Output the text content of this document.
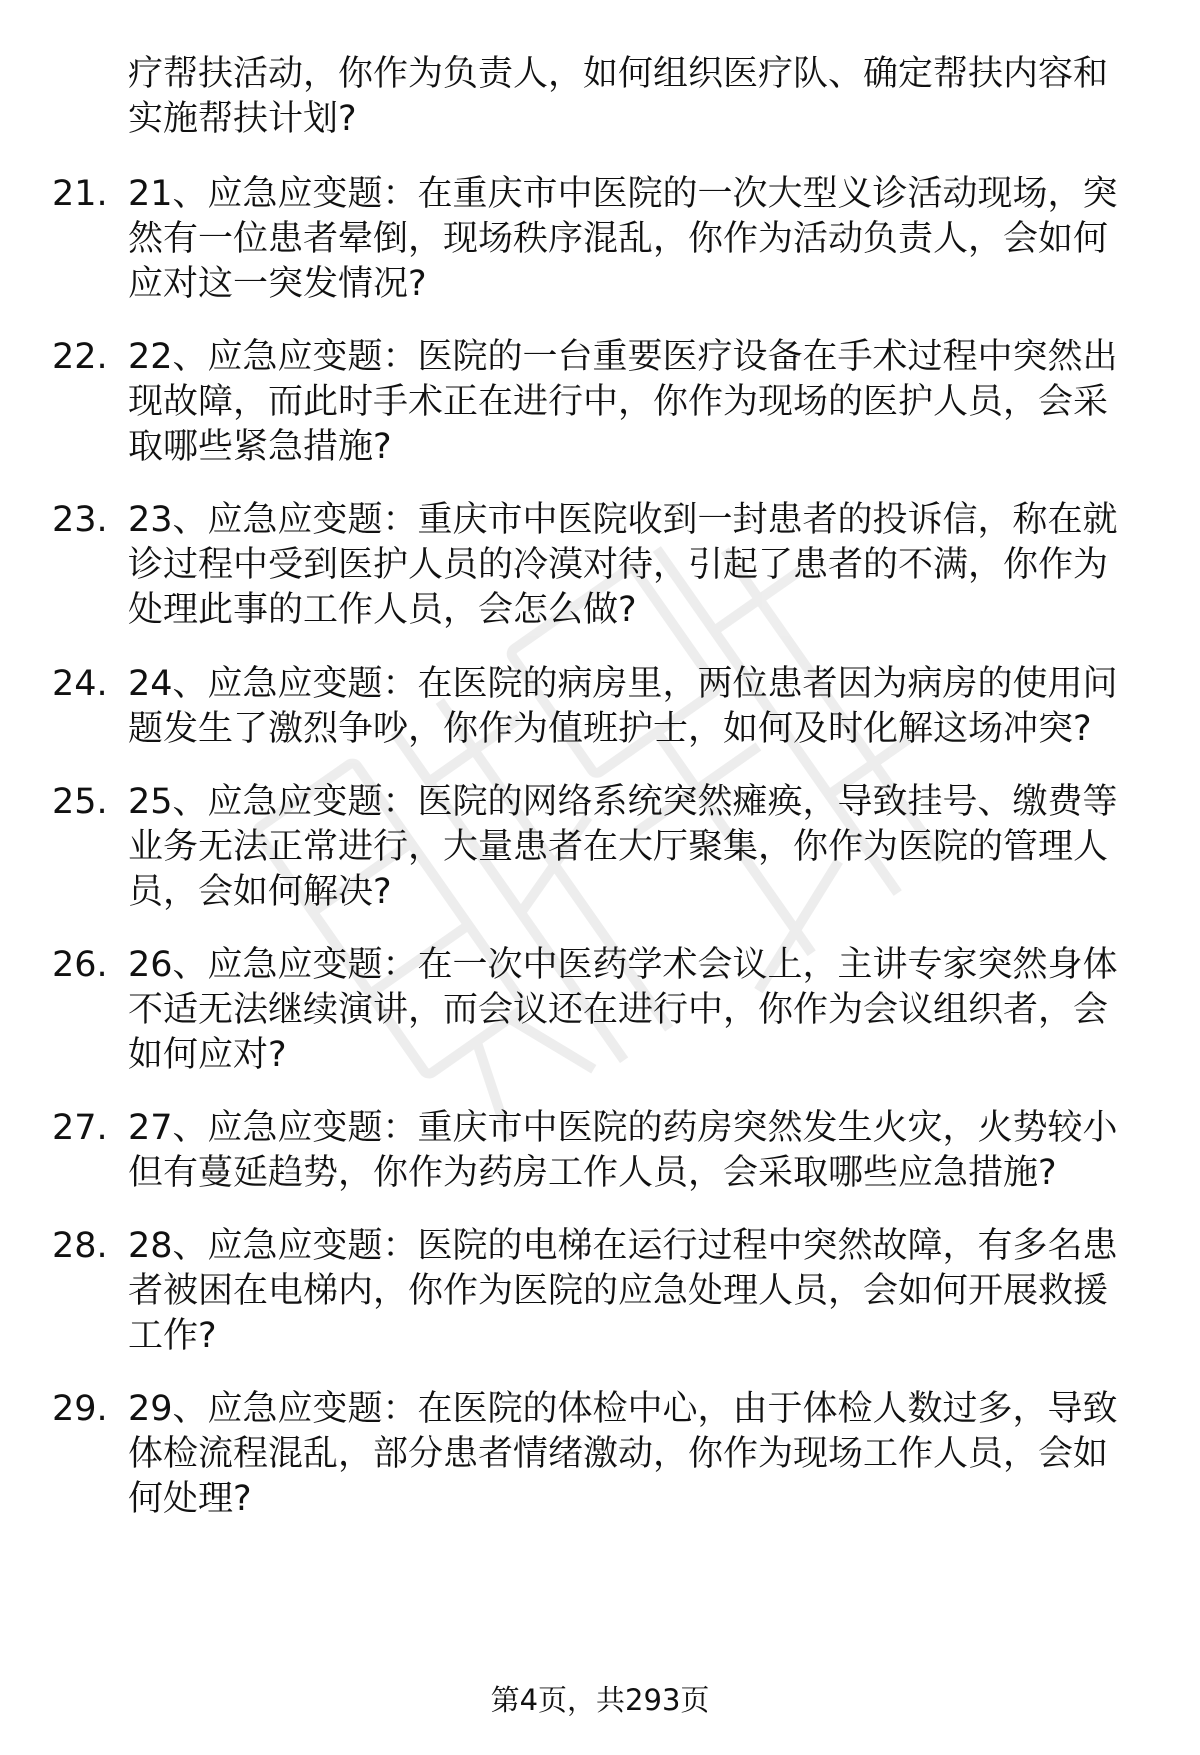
疗帮扶活动，你作为负责人，如何组织医疗队、确定帮扶内容和
实施帮扶计划?
21. 21、应急应变题：在重庆市中医院的一次大型义诊活动现场，突
然有一位患者晕倒，现场秩序混乱，你作为活动负责人，会如何
应对这一突发情况?
22. 22、应急应变题：医院的一台重要医疗设备在手术过程中突然出
现故障，而此时手术正在进行中，你作为现场的医护人员，会采
取哪些紧急措施?
23. 23、应急应变题：重庆市中医院收到一封患者的投诉信，称在就
诊过程中受到医护人员的冷漠对待，引起了患者的不满，你作为
处理此事的工作人员，会怎么做?
24. 24、应急应变题：在医院的病房里，两位患者因为病房的使用问
题发生了激烈争吵，你作为值班护士，如何及时化解这场冲突?
25. 25、应急应变题：医院的网络系统突然瘫痪，导致挂号、缴费等
业务无法正常进行，大量患者在大厅聚集，你作为医院的管理人
员，会如何解决?
26. 26、应急应变题：在一次中医药学术会议上，主讲专家突然身体
不适无法继续演讲，而会议还在进行中，你作为会议组织者，会
如何应对?
27. 27、应急应变题：重庆市中医院的药房突然发生火灾，火势较小
但有蔓延趋势，你作为药房工作人员，会采取哪些应急措施?
28. 28、应急应变题：医院的电梯在运行过程中突然故障，有多名患
者被困在电梯内，你作为医院的应急处理人员，会如何开展救援
工作?
29. 29、应急应变题：在医院的体检中心，由于体检人数过多，导致
体检流程混乱，部分患者情绪激动，你作为现场工作人员，会如
何处理?
第4页，共293页
